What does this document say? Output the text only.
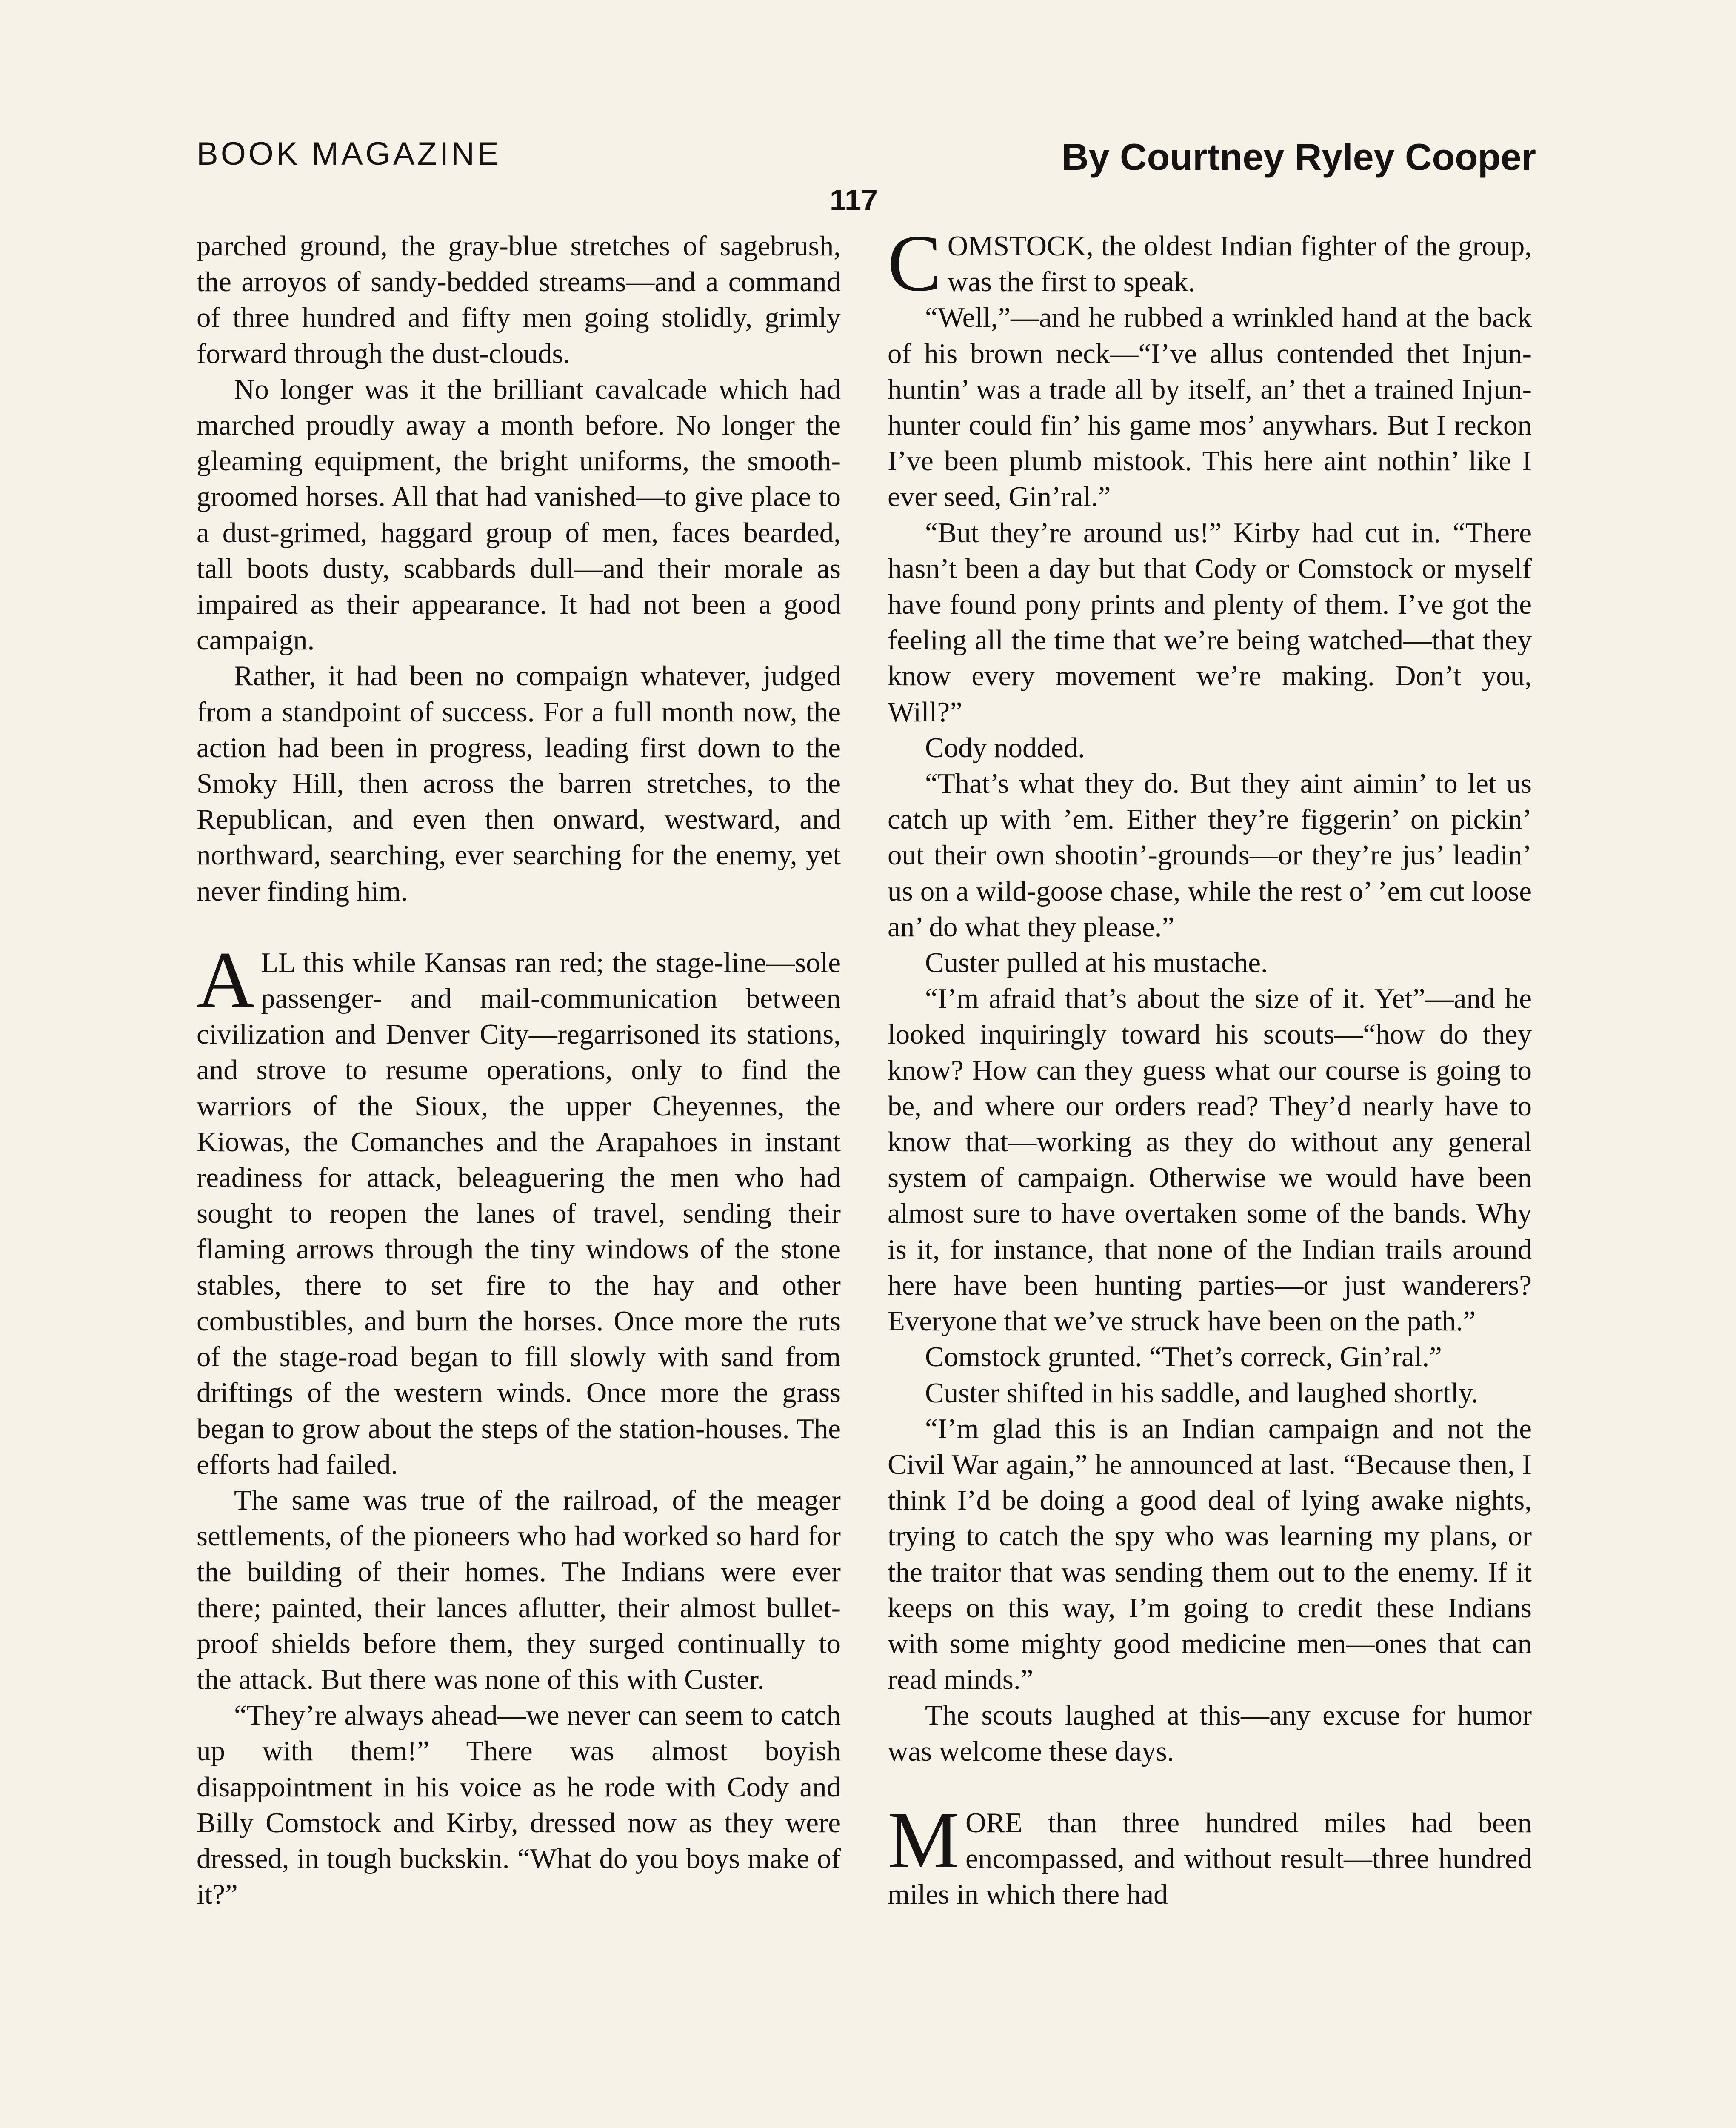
BOOK MAGAZINE	By Courtney Ryley Cooper
117

parched ground, the gray-blue stretches of sagebrush, the arroyos of sandy-bedded streams—and a command of three hundred and fifty men going stolidly, grimly forward through the dust-clouds.

No longer was it the brilliant cavalcade which had marched proudly away a month before. No longer the gleaming equipment, the bright uniforms, the smooth-groomed horses. All that had vanished—to give place to a dust-grimed, haggard group of men, faces bearded, tall boots dusty, scabbards dull—and their morale as impaired as their appearance. It had not been a good campaign.

Rather, it had been no compaign whatever, judged from a standpoint of success. For a full month now, the action had been in progress, leading first down to the Smoky Hill, then across the barren stretches, to the Republican, and even then onward, westward, and northward, searching, ever searching for the enemy, yet never finding him.

ALL this while Kansas ran red; the stage-line—sole passenger- and mail-communication between civilization and Denver City—regarrisoned its stations, and strove to resume operations, only to find the warriors of the Sioux, the upper Cheyennes, the Kiowas, the Comanches and the Arapahoes in instant readiness for attack, beleaguering the men who had sought to reopen the lanes of travel, sending their flaming arrows through the tiny windows of the stone stables, there to set fire to the hay and other combustibles, and burn the horses. Once more the ruts of the stage-road began to fill slowly with sand from driftings of the western winds. Once more the grass began to grow about the steps of the station-houses. The efforts had failed.

The same was true of the railroad, of the meager settlements, of the pioneers who had worked so hard for the building of their homes. The Indians were ever there; painted, their lances aflutter, their almost bullet-proof shields before them, they surged continually to the attack. But there was none of this with Custer.

“They’re always ahead—we never can seem to catch up with them!” There was almost boyish disappointment in his voice as he rode with Cody and Billy Comstock and Kirby, dressed now as they were dressed, in tough buckskin. “What do you boys make of it?”

COMSTOCK, the oldest Indian fighter of the group, was the first to speak.

“Well,”—and he rubbed a wrinkled hand at the back of his brown neck—“I’ve allus contended thet Injun-huntin’ was a trade all by itself, an’ thet a trained Injun-hunter could fin’ his game mos’ anywhars. But I reckon I’ve been plumb mistook. This here aint nothin’ like I ever seed, Gin’ral.”

“But they’re around us!” Kirby had cut in. “There hasn’t been a day but that Cody or Comstock or myself have found pony prints and plenty of them. I’ve got the feeling all the time that we’re being watched—that they know every movement we’re making. Don’t you, Will?”

Cody nodded.

“That’s what they do. But they aint aimin’ to let us catch up with ’em. Either they’re figgerin’ on pickin’ out their own shootin’-grounds—or they’re jus’ leadin’ us on a wild-goose chase, while the rest o’ ’em cut loose an’ do what they please.”

Custer pulled at his mustache.

“I’m afraid that’s about the size of it. Yet”—and he looked inquiringly toward his scouts—“how do they know? How can they guess what our course is going to be, and where our orders read? They’d nearly have to know that—working as they do without any general system of campaign. Otherwise we would have been almost sure to have overtaken some of the bands. Why is it, for instance, that none of the Indian trails around here have been hunting parties—or just wanderers? Everyone that we’ve struck have been on the path.”

Comstock grunted. “Thet’s correck, Gin’ral.”

Custer shifted in his saddle, and laughed shortly.

“I’m glad this is an Indian campaign and not the Civil War again,” he announced at last. “Because then, I think I’d be doing a good deal of lying awake nights, trying to catch the spy who was learning my plans, or the traitor that was sending them out to the enemy. If it keeps on this way, I’m going to credit these Indians with some mighty good medicine men—ones that can read minds.”

The scouts laughed at this—any excuse for humor was welcome these days.

MORE than three hundred miles had been encompassed, and without result—three hundred miles in which there had
